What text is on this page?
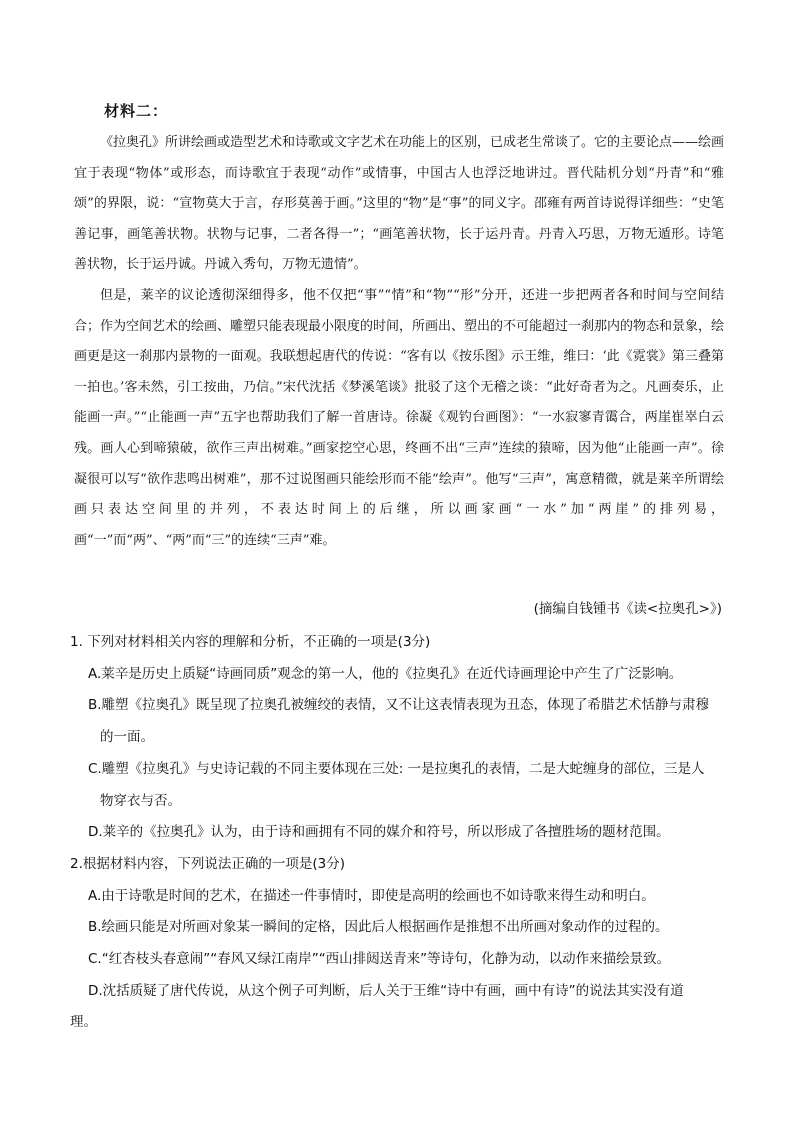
材料二：

《拉奥孔》所讲绘画或造型艺术和诗歌或文字艺术在功能上的区别，已成老生常谈了。它的主要论点——绘画宜于表现“物体”或形态，而诗歌宜于表现“动作”或情事，中国古人也浮泛地讲过。晋代陆机分划“丹青”和“雅颂”的界限，说：“宣物莫大于言，存形莫善于画。”这里的“物”是“事”的同义字。邵雍有两首诗说得详细些：“史笔善记事，画笔善状物。状物与记事，二者各得一”；“画笔善状物，长于运丹青。丹青入巧思，万物无遁形。诗笔善状物，长于运丹诚。丹诚入秀句，万物无遗情”。

但是，莱辛的议论透彻深细得多，他不仅把“事”“情”和“物”“形”分开，还进一步把两者各和时间与空间结合；作为空间艺术的绘画、雕塑只能表现最小限度的时间，所画出、塑出的不可能超过一刹那内的物态和景象，绘画更是这一刹那内景物的一面观。我联想起唐代的传说：“客有以《按乐图》示王维，维曰：‘此《霓裳》第三叠第一拍也。’客未然，引工按曲，乃信。”宋代沈括《梦溪笔谈》批驳了这个无稽之谈：“此好奇者为之。凡画奏乐，止能画一声。”“止能画一声”五字也帮助我们了解一首唐诗。徐凝《观钓台画图》：“一水寂寥青霭合，两崖崔崒白云残。画人心到啼猿破，欲作三声出树难。”画家挖空心思，终画不出“三声”连续的猿啼，因为他“止能画一声”。徐凝很可以写“欲作悲鸣出树难”，那不过说图画只能绘形而不能“绘声”。他写“三声”，寓意精微，就是莱辛所谓绘画只表达空间里的并列，不表达时间上的后继，所以画家画“一水”加“两崖”的排列易，画“一”而“两”、“两”而“三”的连续“三声”难。

(摘编自钱锺书《读<拉奥孔>》)

1. 下列对材料相关内容的理解和分析，不正确的一项是(3分)

A.莱辛是历史上质疑“诗画同质”观念的第一人，他的《拉奥孔》在近代诗画理论中产生了广泛影响。

B.雕塑《拉奥孔》既呈现了拉奥孔被缠绞的表情，又不让这表情表现为丑态，体现了希腊艺术恬静与肃穆
的一面。

C.雕塑《拉奥孔》与史诗记载的不同主要体现在三处: 一是拉奥孔的表情，二是大蛇缠身的部位，三是人
物穿衣与否。

D.莱辛的《拉奥孔》认为，由于诗和画拥有不同的媒介和符号，所以形成了各擅胜场的题材范围。

2.根据材料内容，下列说法正确的一项是(3分)

A.由于诗歌是时间的艺术，在描述一件事情时，即使是高明的绘画也不如诗歌来得生动和明白。

B.绘画只能是对所画对象某一瞬间的定格，因此后人根据画作是推想不出所画对象动作的过程的。

C.“红杏枝头春意闹”“春风又绿江南岸”“西山排闼送青来”等诗句，化静为动，以动作来描绘景致。

D.沈括质疑了唐代传说，从这个例子可判断，后人关于王维“诗中有画，画中有诗”的说法其实没有道
理。
